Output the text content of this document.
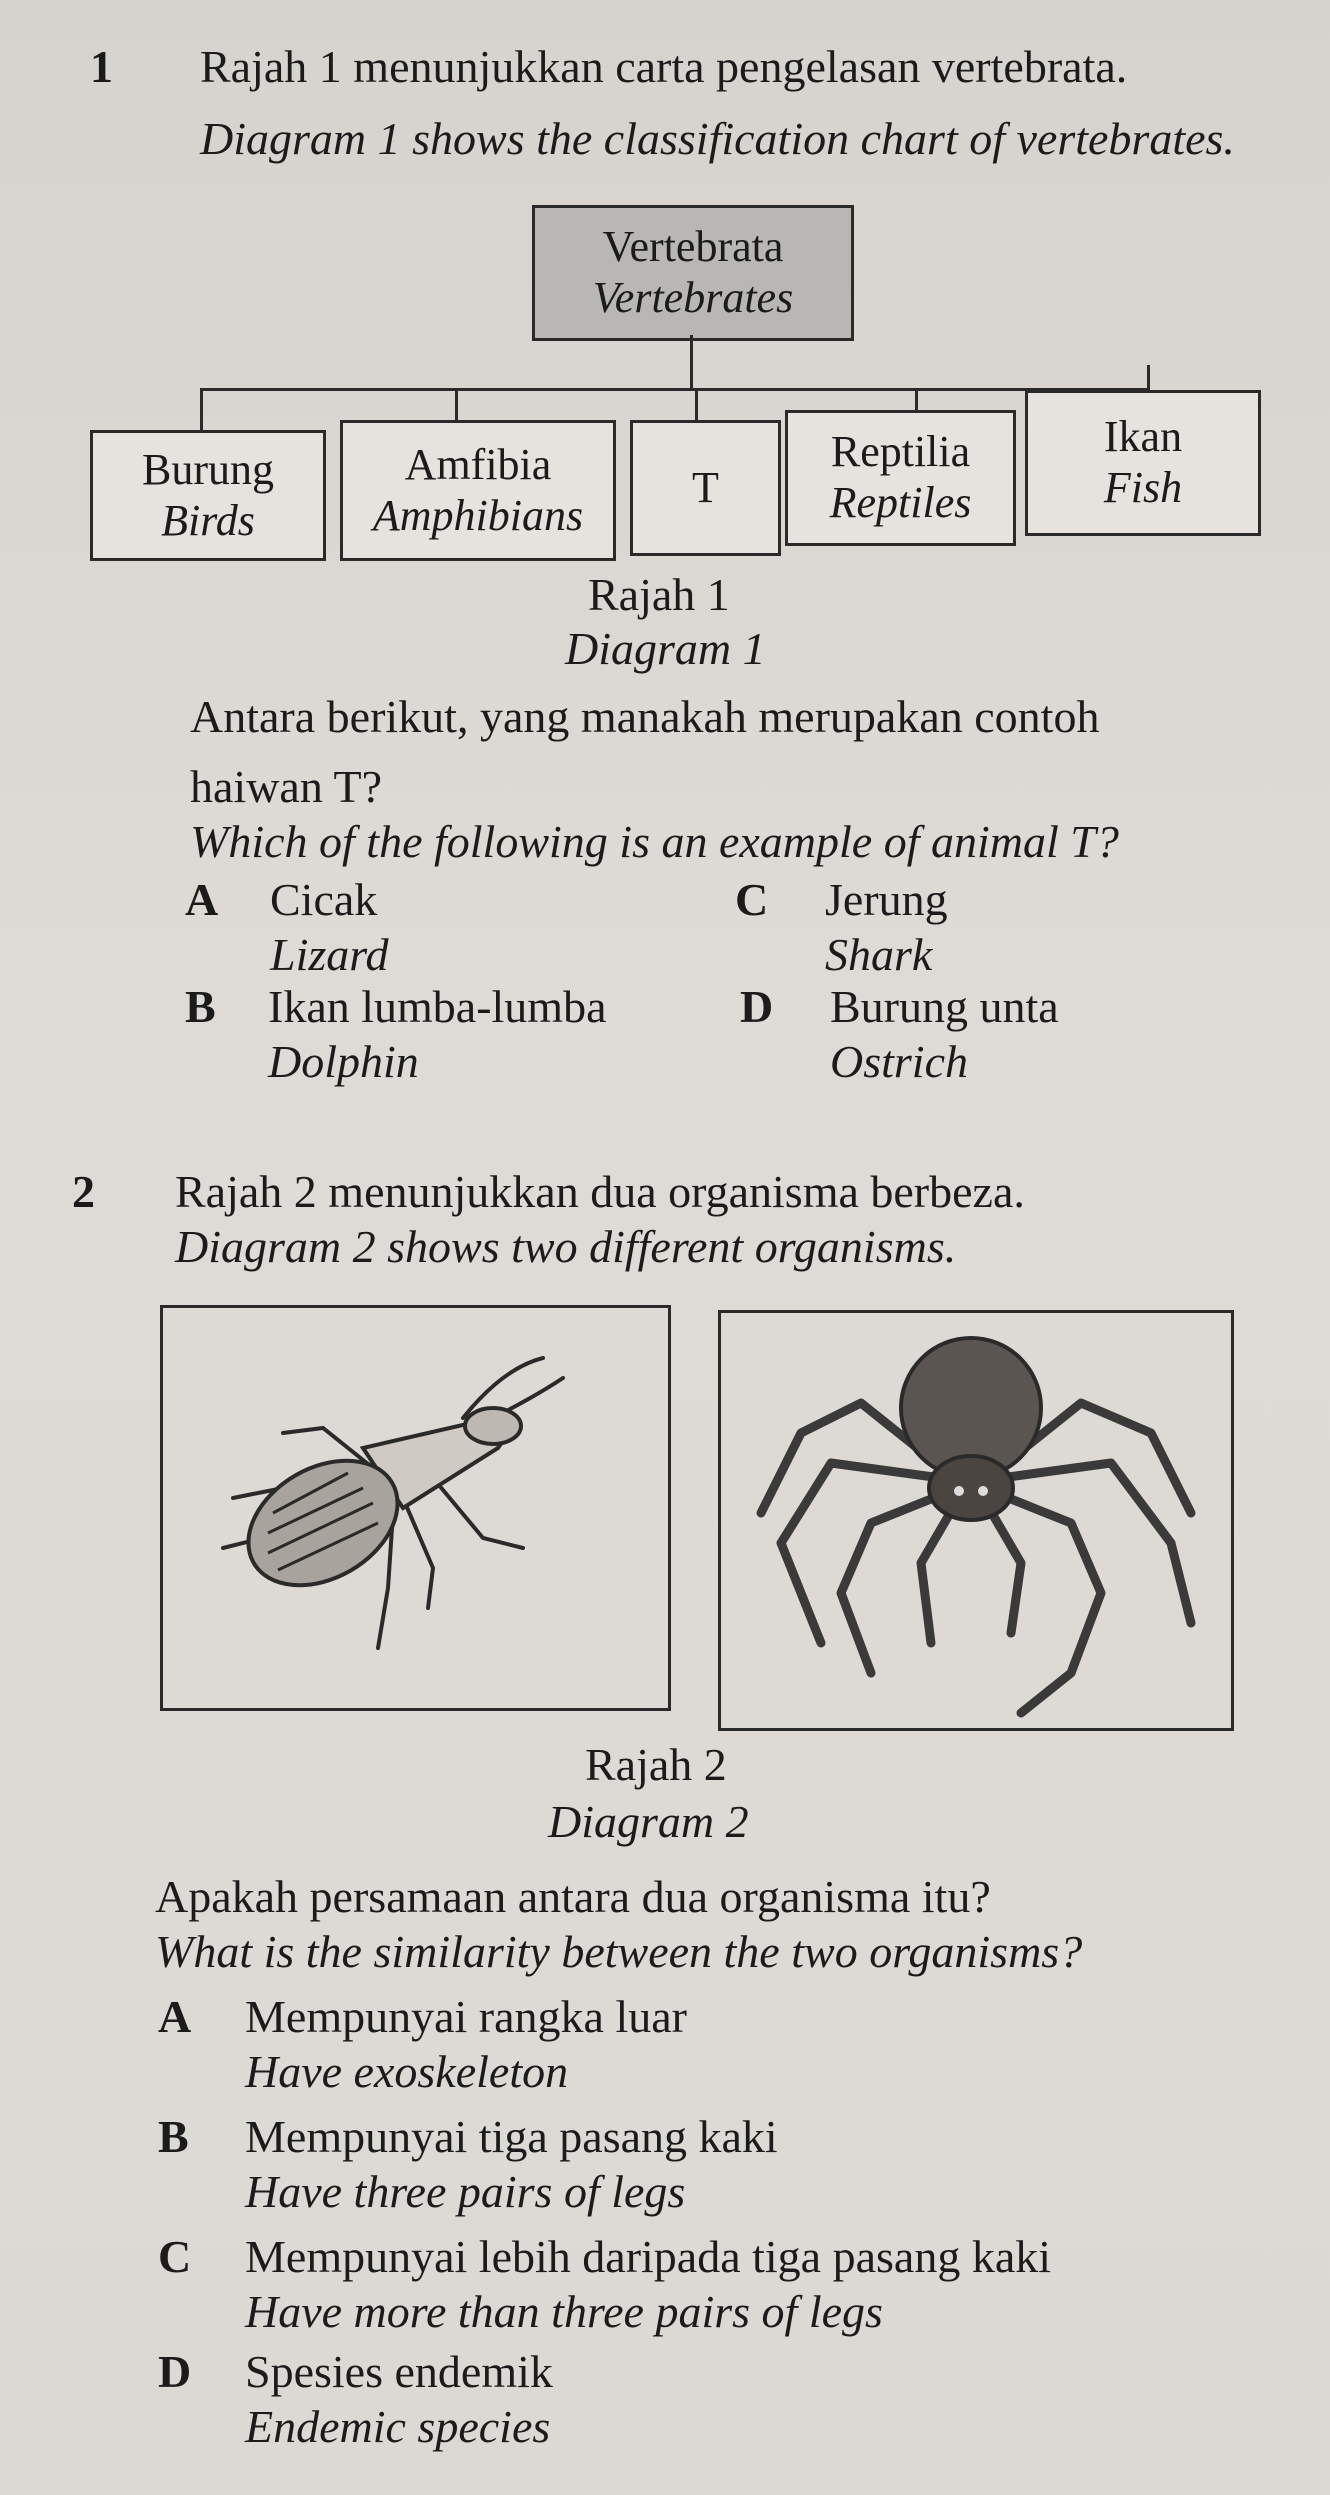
1 Rajah 1 menunjukkan carta pengelasan vertebrata.
Diagram 1 shows the classification chart of vertebrates.
Vertebrata
Vertebrates
Burung
Birds
Amfibia
Amphibians
T
Reptilia
Reptiles
Ikan
Fish
Rajah 1
Diagram 1
Antara berikut, yang manakah merupakan contoh
haiwan T?
Which of the following is an example of animal T?
A Cicak
Lizard
C Jerung
Shark
B Ikan lumba-lumba
Dolphin
D Burung unta
Ostrich
2 Rajah 2 menunjukkan dua organisma berbeza.
Diagram 2 shows two different organisms.
Rajah 2
Diagram 2
Apakah persamaan antara dua organisma itu?
What is the similarity between the two organisms?
A Mempunyai rangka luar
Have exoskeleton
B Mempunyai tiga pasang kaki
Have three pairs of legs
C Mempunyai lebih daripada tiga pasang kaki
Have more than three pairs of legs
D Spesies endemik
Endemic species
